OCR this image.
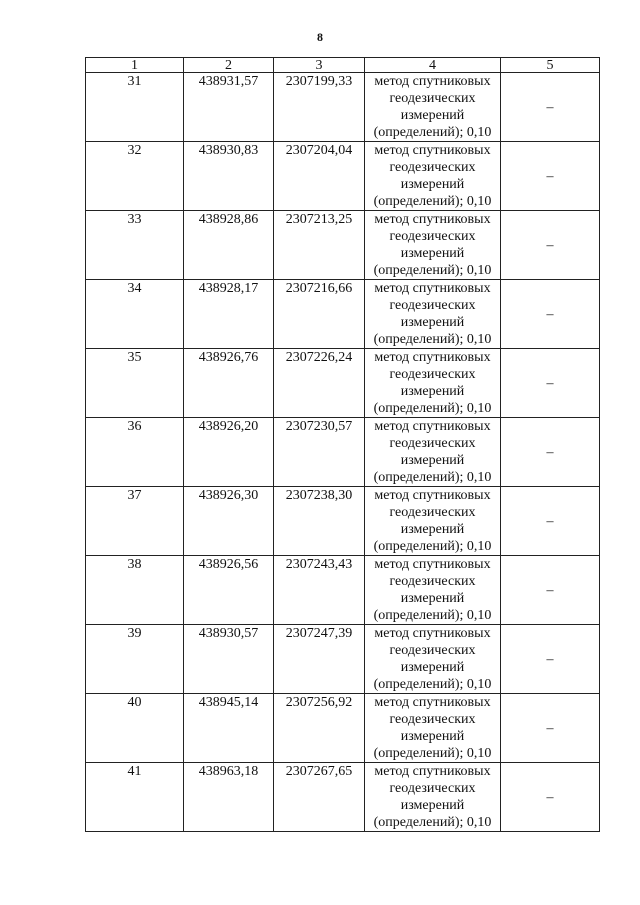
8
1	2	3	4	5
31	438931,57	2307199,33	метод спутниковых
геодезических
измерений
(определений); 0,10	–
32	438930,83	2307204,04	метод спутниковых
геодезических
измерений
(определений); 0,10	–
33	438928,86	2307213,25	метод спутниковых
геодезических
измерений
(определений); 0,10	–
34	438928,17	2307216,66	метод спутниковых
геодезических
измерений
(определений); 0,10	–
35	438926,76	2307226,24	метод спутниковых
геодезических
измерений
(определений); 0,10	–
36	438926,20	2307230,57	метод спутниковых
геодезических
измерений
(определений); 0,10	–
37	438926,30	2307238,30	метод спутниковых
геодезических
измерений
(определений); 0,10	–
38	438926,56	2307243,43	метод спутниковых
геодезических
измерений
(определений); 0,10	–
39	438930,57	2307247,39	метод спутниковых
геодезических
измерений
(определений); 0,10	–
40	438945,14	2307256,92	метод спутниковых
геодезических
измерений
(определений); 0,10	–
41	438963,18	2307267,65	метод спутниковых
геодезических
измерений
(определений); 0,10	–
